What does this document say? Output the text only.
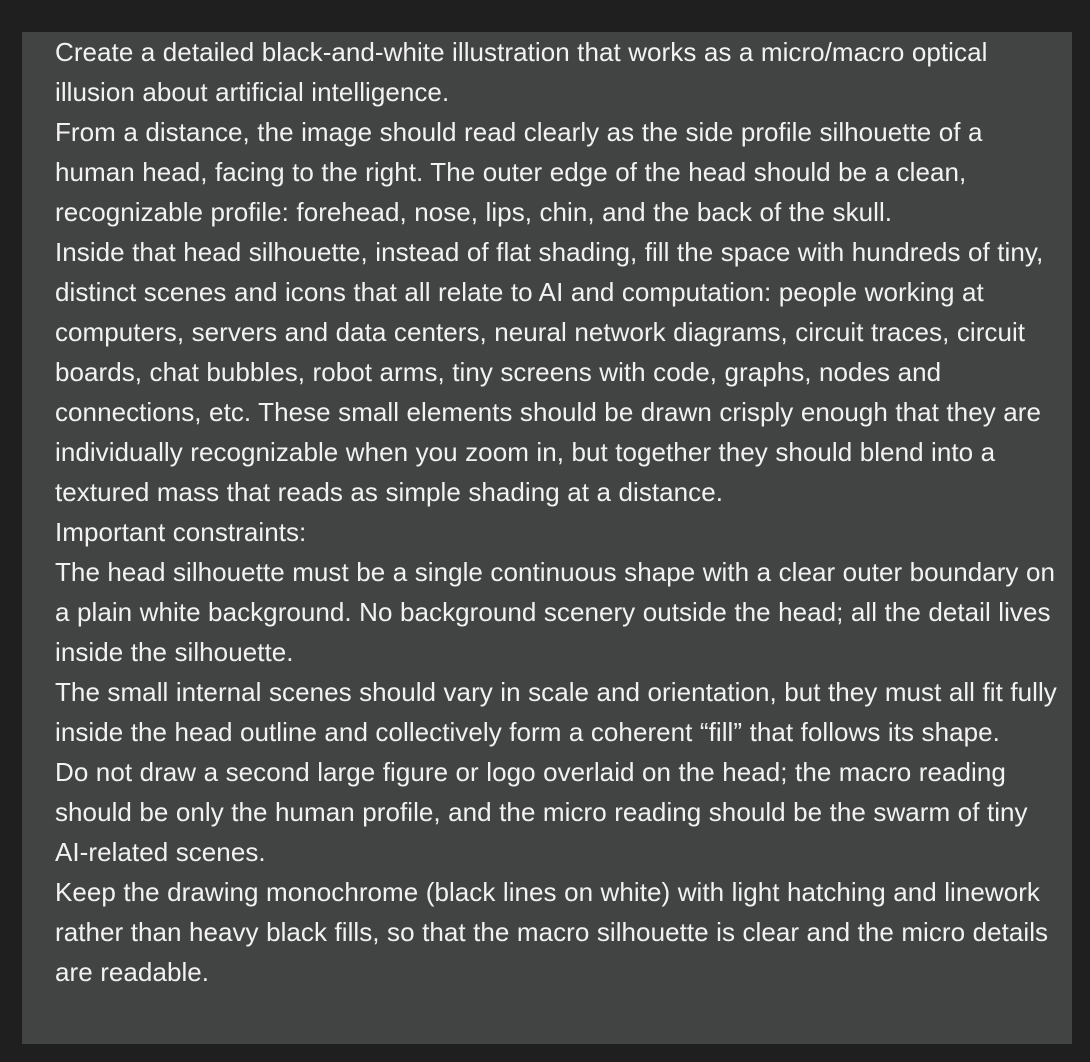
Create a detailed black-and-white illustration that works as a micro/macro optical illusion about artificial intelligence.

From a distance, the image should read clearly as the side profile silhouette of a human head, facing to the right. The outer edge of the head should be a clean, recognizable profile: forehead, nose, lips, chin, and the back of the skull.

Inside that head silhouette, instead of flat shading, fill the space with hundreds of tiny, distinct scenes and icons that all relate to AI and computation: people working at computers, servers and data centers, neural network diagrams, circuit traces, circuit boards, chat bubbles, robot arms, tiny screens with code, graphs, nodes and connections, etc. These small elements should be drawn crisply enough that they are individually recognizable when you zoom in, but together they should blend into a textured mass that reads as simple shading at a distance.

Important constraints:

The head silhouette must be a single continuous shape with a clear outer boundary on a plain white background. No background scenery outside the head; all the detail lives inside the silhouette.

The small internal scenes should vary in scale and orientation, but they must all fit fully inside the head outline and collectively form a coherent “fill” that follows its shape.

Do not draw a second large figure or logo overlaid on the head; the macro reading should be only the human profile, and the micro reading should be the swarm of tiny AI-related scenes.

Keep the drawing monochrome (black lines on white) with light hatching and linework rather than heavy black fills, so that the macro silhouette is clear and the micro details are readable.
